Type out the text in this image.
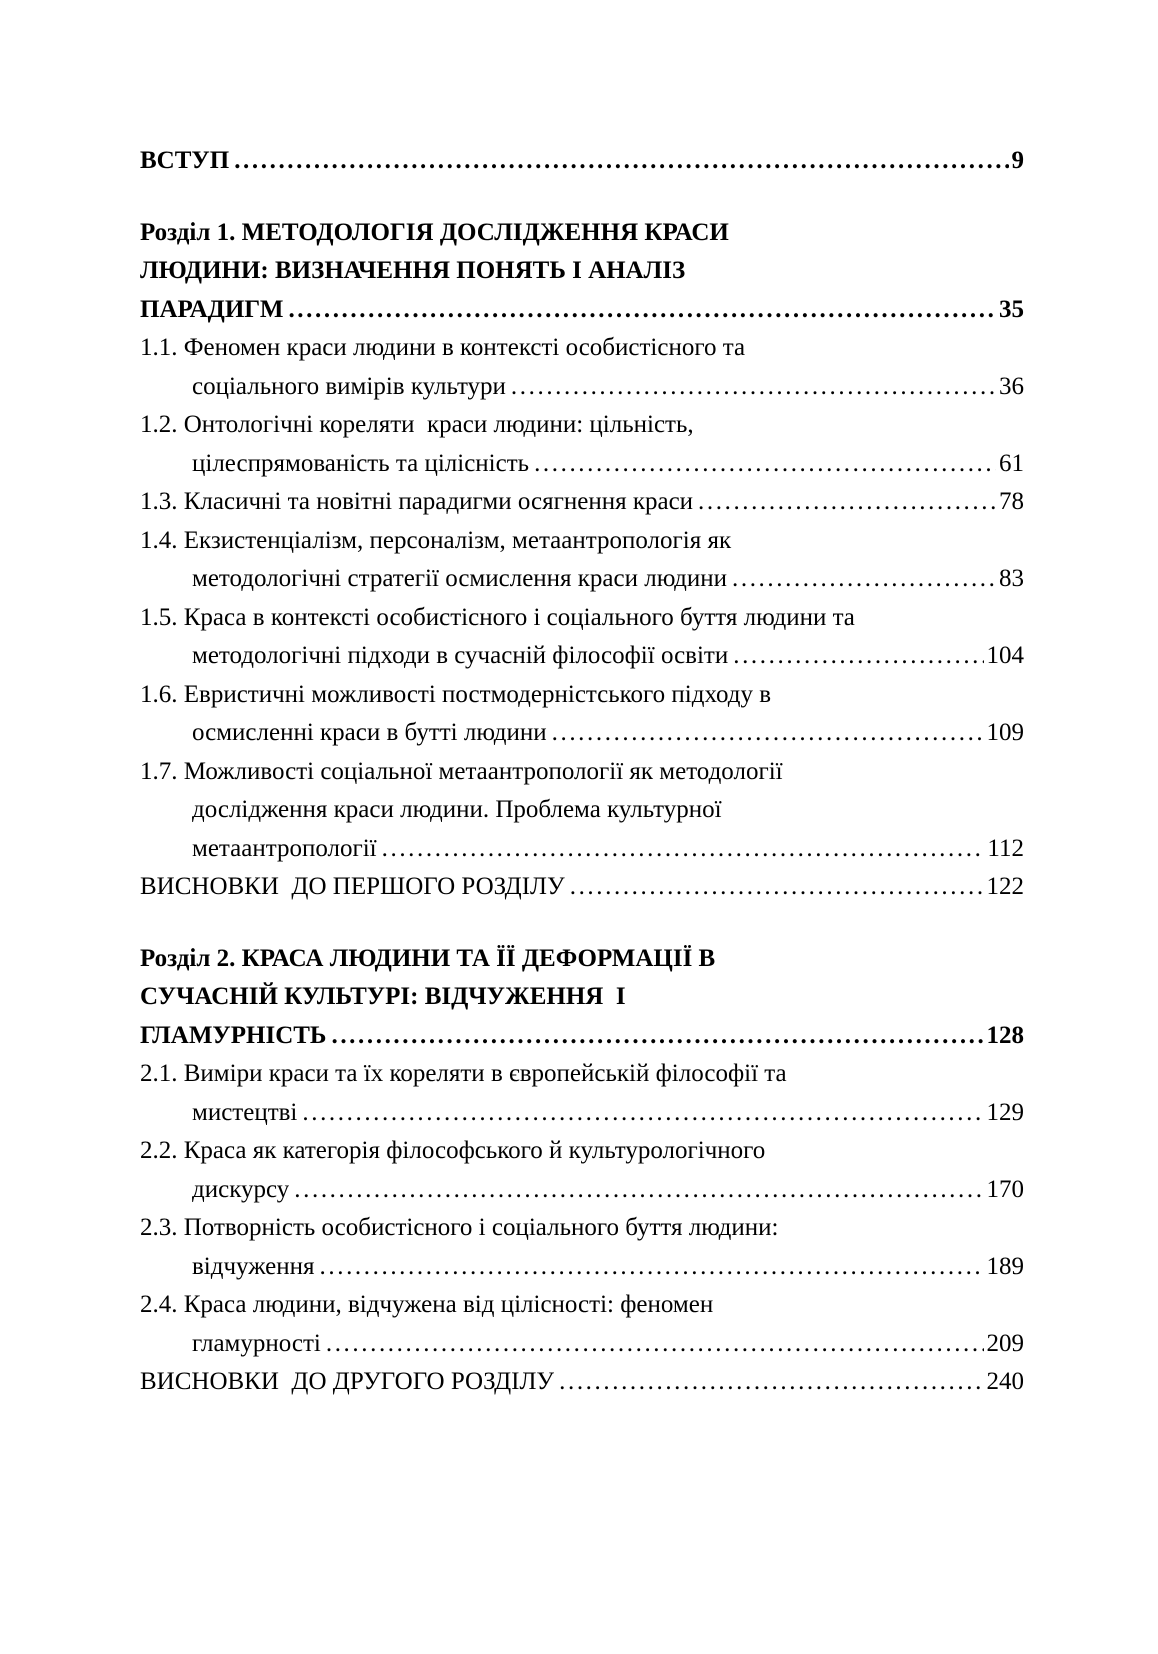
ВСТУП .....	9
Розділ 1. МЕТОДОЛОГІЯ ДОСЛІДЖЕННЯ КРАСИ
ЛЮДИНИ: ВИЗНАЧЕННЯ ПОНЯТЬ І АНАЛІЗ
ПАРАДИГМ .....	35
1.1. Феномен краси людини в контексті особистісного та
соціального вимірів культури .....	36
1.2. Онтологічні кореляти  краси людини: цільність,
цілеспрямованість та цілісність .....	61
1.3. Класичні та новітні парадигми осягнення краси .....	78
1.4. Екзистенціалізм, персоналізм, метаантропологія як
методологічні стратегії осмислення краси людини .....	83
1.5. Краса в контексті особистісного і соціального буття людини та
методологічні підходи в сучасній філософії освіти .....	104
1.6. Евристичні можливості постмодерністського підходу в
осмисленні краси в бутті людини .....	109
1.7. Можливості соціальної метаантропології як методології
дослідження краси людини. Проблема культурної
метаантропології .....	112
ВИСНОВКИ  ДО ПЕРШОГО РОЗДІЛУ .....	122
Розділ 2. КРАСА ЛЮДИНИ ТА ЇЇ ДЕФОРМАЦІЇ В
СУЧАСНІЙ КУЛЬТУРІ: ВІДЧУЖЕННЯ  І
ГЛАМУРНІСТЬ .....	128
2.1. Виміри краси та їх кореляти в європейській філософії та
мистецтві .....	129
2.2. Краса як категорія філософського й культурологічного
дискурсу .....	170
2.3. Потворність особистісного і соціального буття людини:
відчуження .....	189
2.4. Краса людини, відчужена від цілісності: феномен
гламурності .....	209
ВИСНОВКИ  ДО ДРУГОГО РОЗДІЛУ .....	240
